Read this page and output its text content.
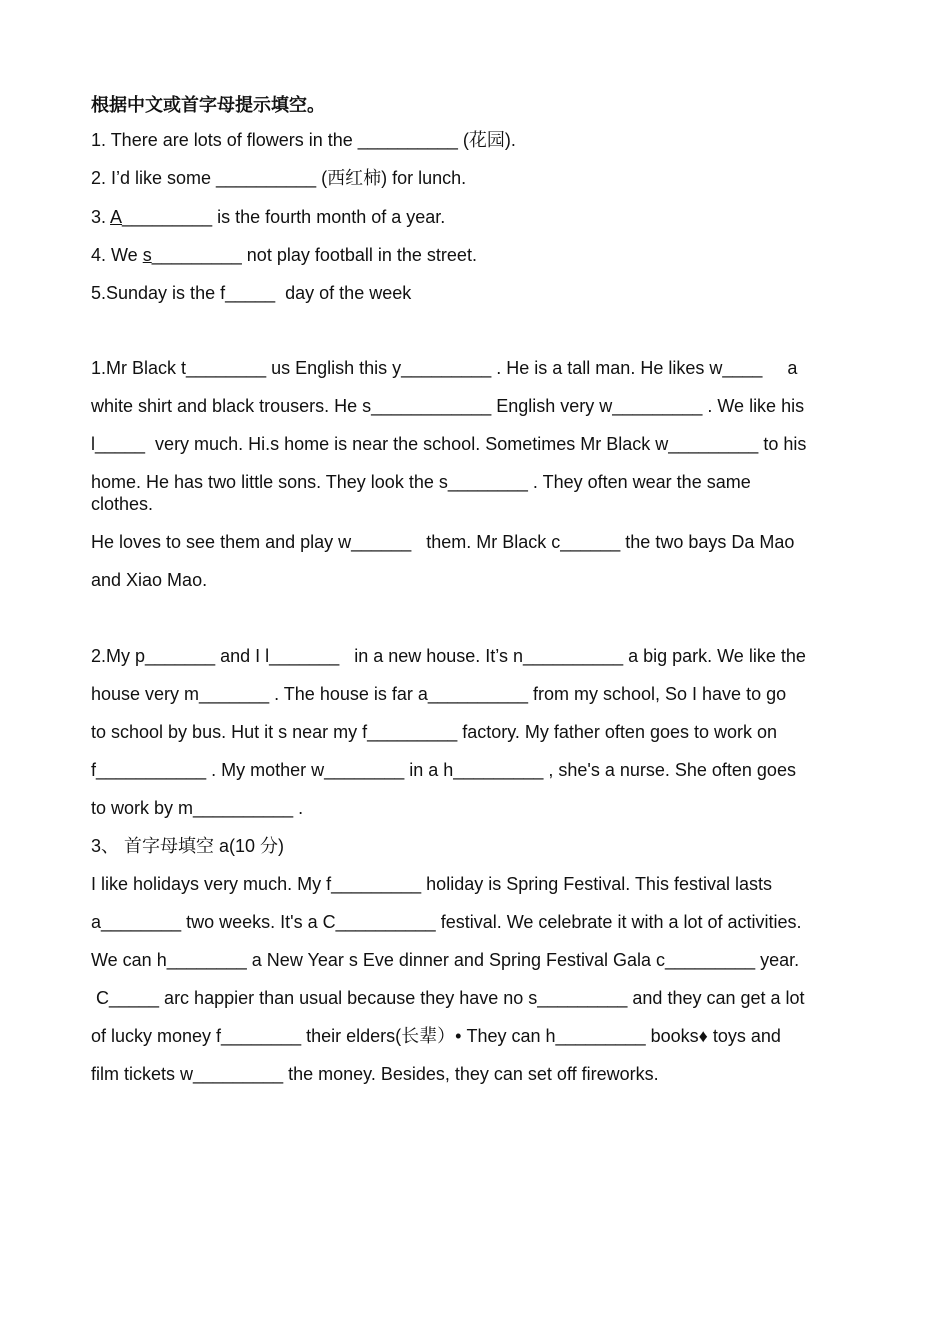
根据中文或首字母提示填空。
1. There are lots of flowers in the __________ (花园).
2. I’d like some __________ (西红柿) for lunch.
3. A_________ is the fourth month of a year.
4. We s_________ not play football in the street.
5.Sunday is the f_____  day of the week
1.Mr Black t________ us English this y_________ . He is a tall man. He likes w____     a
white shirt and black trousers. He s____________ English very w_________ . We like his
l_____  very much. Hi.s home is near the school. Sometimes Mr Black w_________ to his
home. He has two little sons. They look the s________ . They often wear the same
clothes.
He loves to see them and play w______   them. Mr Black c______ the two bays Da Mao
and Xiao Mao.
2.My p_______ and I l_______   in a new house. It’s n__________ a big park. We like the
house very m_______ . The house is far a__________ from my school, So I have to go
to school by bus. Hut it s near my f_________ factory. My father often goes to work on
f___________ . My mother w________ in a h_________ , she's a nurse. She often goes
to work by m__________ .
3、 首字母填空 a(10 分)
I like holidays very much. My f_________ holiday is Spring Festival. This festival lasts
a________ two weeks. It's a C__________ festival. We celebrate it with a lot of activities.
We can h________ a New Year s Eve dinner and Spring Festival Gala c_________ year.
C_____ arc happier than usual because they have no s_________ and they can get a lot
of lucky money f________ their elders(长辈）• They can h_________ books♦ toys and
film tickets w_________ the money. Besides, they can set off fireworks.
